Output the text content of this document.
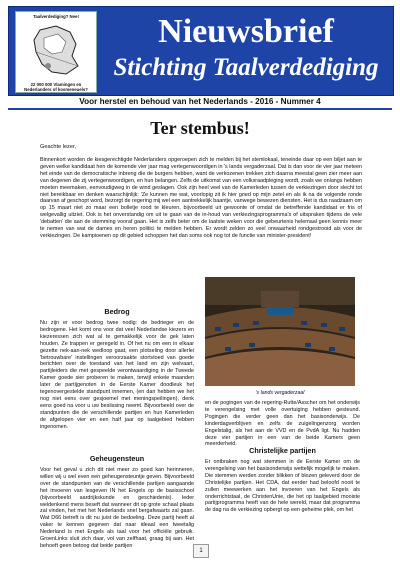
Taalverdediging? Nee!
22 000 000 Vlamingen en Nederlanders of kosmeneuels?
Nieuwsbrief
Stichting Taalverdediging
Voor herstel en behoud van het Nederlands - 2016 - Nummer 4
Ter stembus!
Geachte lezer,

Binnenkort worden de kiesgerechtigde Nederlanders opgeroepen zich te melden bij het stemlokaal, teneinde daar op een biljet aan te geven welke kandidaat hen de komende vier jaar mag vertegenwoordigen in 's lands vergaderzaal. Dat is dan voor de vier jaar meteen het einde van de democratische inbreng die de burgers hebben, want de verkozenen trekken zich daarna meestal geen zier meer aan van degenen die zij vertegenwoordigen, en hun belangen. Zelfs de uitkomst van een volksraadpleging wordt, zoals we onlangs hebben moeten meemaken, eenvoudigweg in de wind geslagen. Ook zijn heel veel van de Kamerleden tussen de verkiezingen door slecht tot niet bereikbaar en denken waarschijnlijk: 'Ze kunnen me wat, voorlopig zit ik hier goed op mijn zetel en als ik na de volgende ronde daarvan af geschopt word, bezorgt de regering mij wel een aantrekkelijk baantje, vanwege bewezen diensten. Het is dus raadzaam om op 15 maart niet zo maar een bolletje rood te kleuren, bijvoorbeeld uit gewoonte of omdat de betreffende kandidaat er fris of welgevallig uitziet. Ook is het onverstandig om uit te gaan van de in-houd van verkiezingsprogramma's of uitspraken tijdens de vele 'debatten' die aan de stemming vooraf gaan. Het is zelfs beter om de laatste weken voor die gebeurtenis helemaal geen kennis meer te nemen van wat de dames en heren politici te melden hebben. Er wordt zelden zo veel onwaarheid rondgestrooid als voor de verkiezingen. De kampioenen op dit gebied schoppen het dan soms ook nog tot de functie van minister-president!

Bedrog

Nu zijn er voor bedrog twee nodig: de bedrieger en de bedrogene. Het komt ons voor dat veel Nederlandse kiezers en kiezeressen zich wat al te gemakkelijk voor de gek laten houden. Ze trappen er geregeld in. Of het nu om een in elkaar gezette nek-aan-nek wedloop gaat, een plotseling door allerlei 'betrouwbare' instellingen veroorzaakte stortvloed van goede berichten over de toestand van het land en zijn welvaart, partijleiders die met gespeelde verontwaardiging in de Tweede Kamer goede sier proberen te maken, terwijl enkele maanden later de partijgenoten in de Eerste Kamer doodleuk het tegenovergestelde standpunt innemen, (en dan hebben we het nog niet eens over gesjoemel met meningspeilingen), denk eens goed na voor u uw beslissing neemt. Bijvoorbeeld over de standpunten die de verschillende partijen en hun Kamerleden de afgelopen vier en een half jaar op taalgebied hebben ingenomen.

Geheugensteun

Voor het geval u zich dit niet meer zo goed kan herinneren, willen wij u wel even een geheugensteuntje geven. Bijvoorbeeld over de standpunten van de verschillende partijen aangaande het invoeren van lesgeven IN het Engels op de basisschool (bijvoorbeeld aardrijkskunde en geschiedenis). Ieder weldenkend mens beseft dat wanneer dit op grote schaal plaats zal vinden, het met het Nederlands snel bergafwaarts zal gaan. Wat D66 betreft is dit nu juist de bedoeling. Deze partij heeft al vaker te kennen gegeven dat naar ideaal een tweetalig Nederland is met Engels als taal voor het officiële gebruik. GroenLinks sluit zich daar, vol van zelfhaat, graag bij aan. Het behoeft geen betoog dat beide partijen

's lands vergaderzaal

en de pogingen van de regering-Rutte/Asscher om het onderwijs te verengelsing met volle overtuiging hebben gesteund. Pogingen die verder geen dan het basisonderwijs. De kinderdagverblijven en zelfs de zuigelingenzorg worden Engelstalig, als het aan de VVD en de PvdA ligt. Nu hadden deze vier partijen in een van de beide Kamers geen meerderheid.

Christelijke partijen

Er ontbraken nog wat stemmen in de Eerste Kamer om de verengelsing van het basisonderwijs wettelijk mogelijk te maken. Die stemmen werden zonder blikken of blozen geleverd door de Christelijke partijen. Het CDA, dat eerder had beloofd nooit te zullen meewerken aan het invoeren van het Engels als onderrichtstaal, de ChristenUnie, die het op taalgebied mooiste partijprogramma heeft van de hele wereld, maar dat programma de dag na de verkiezing opbergt op een geheime plek, om het

1
